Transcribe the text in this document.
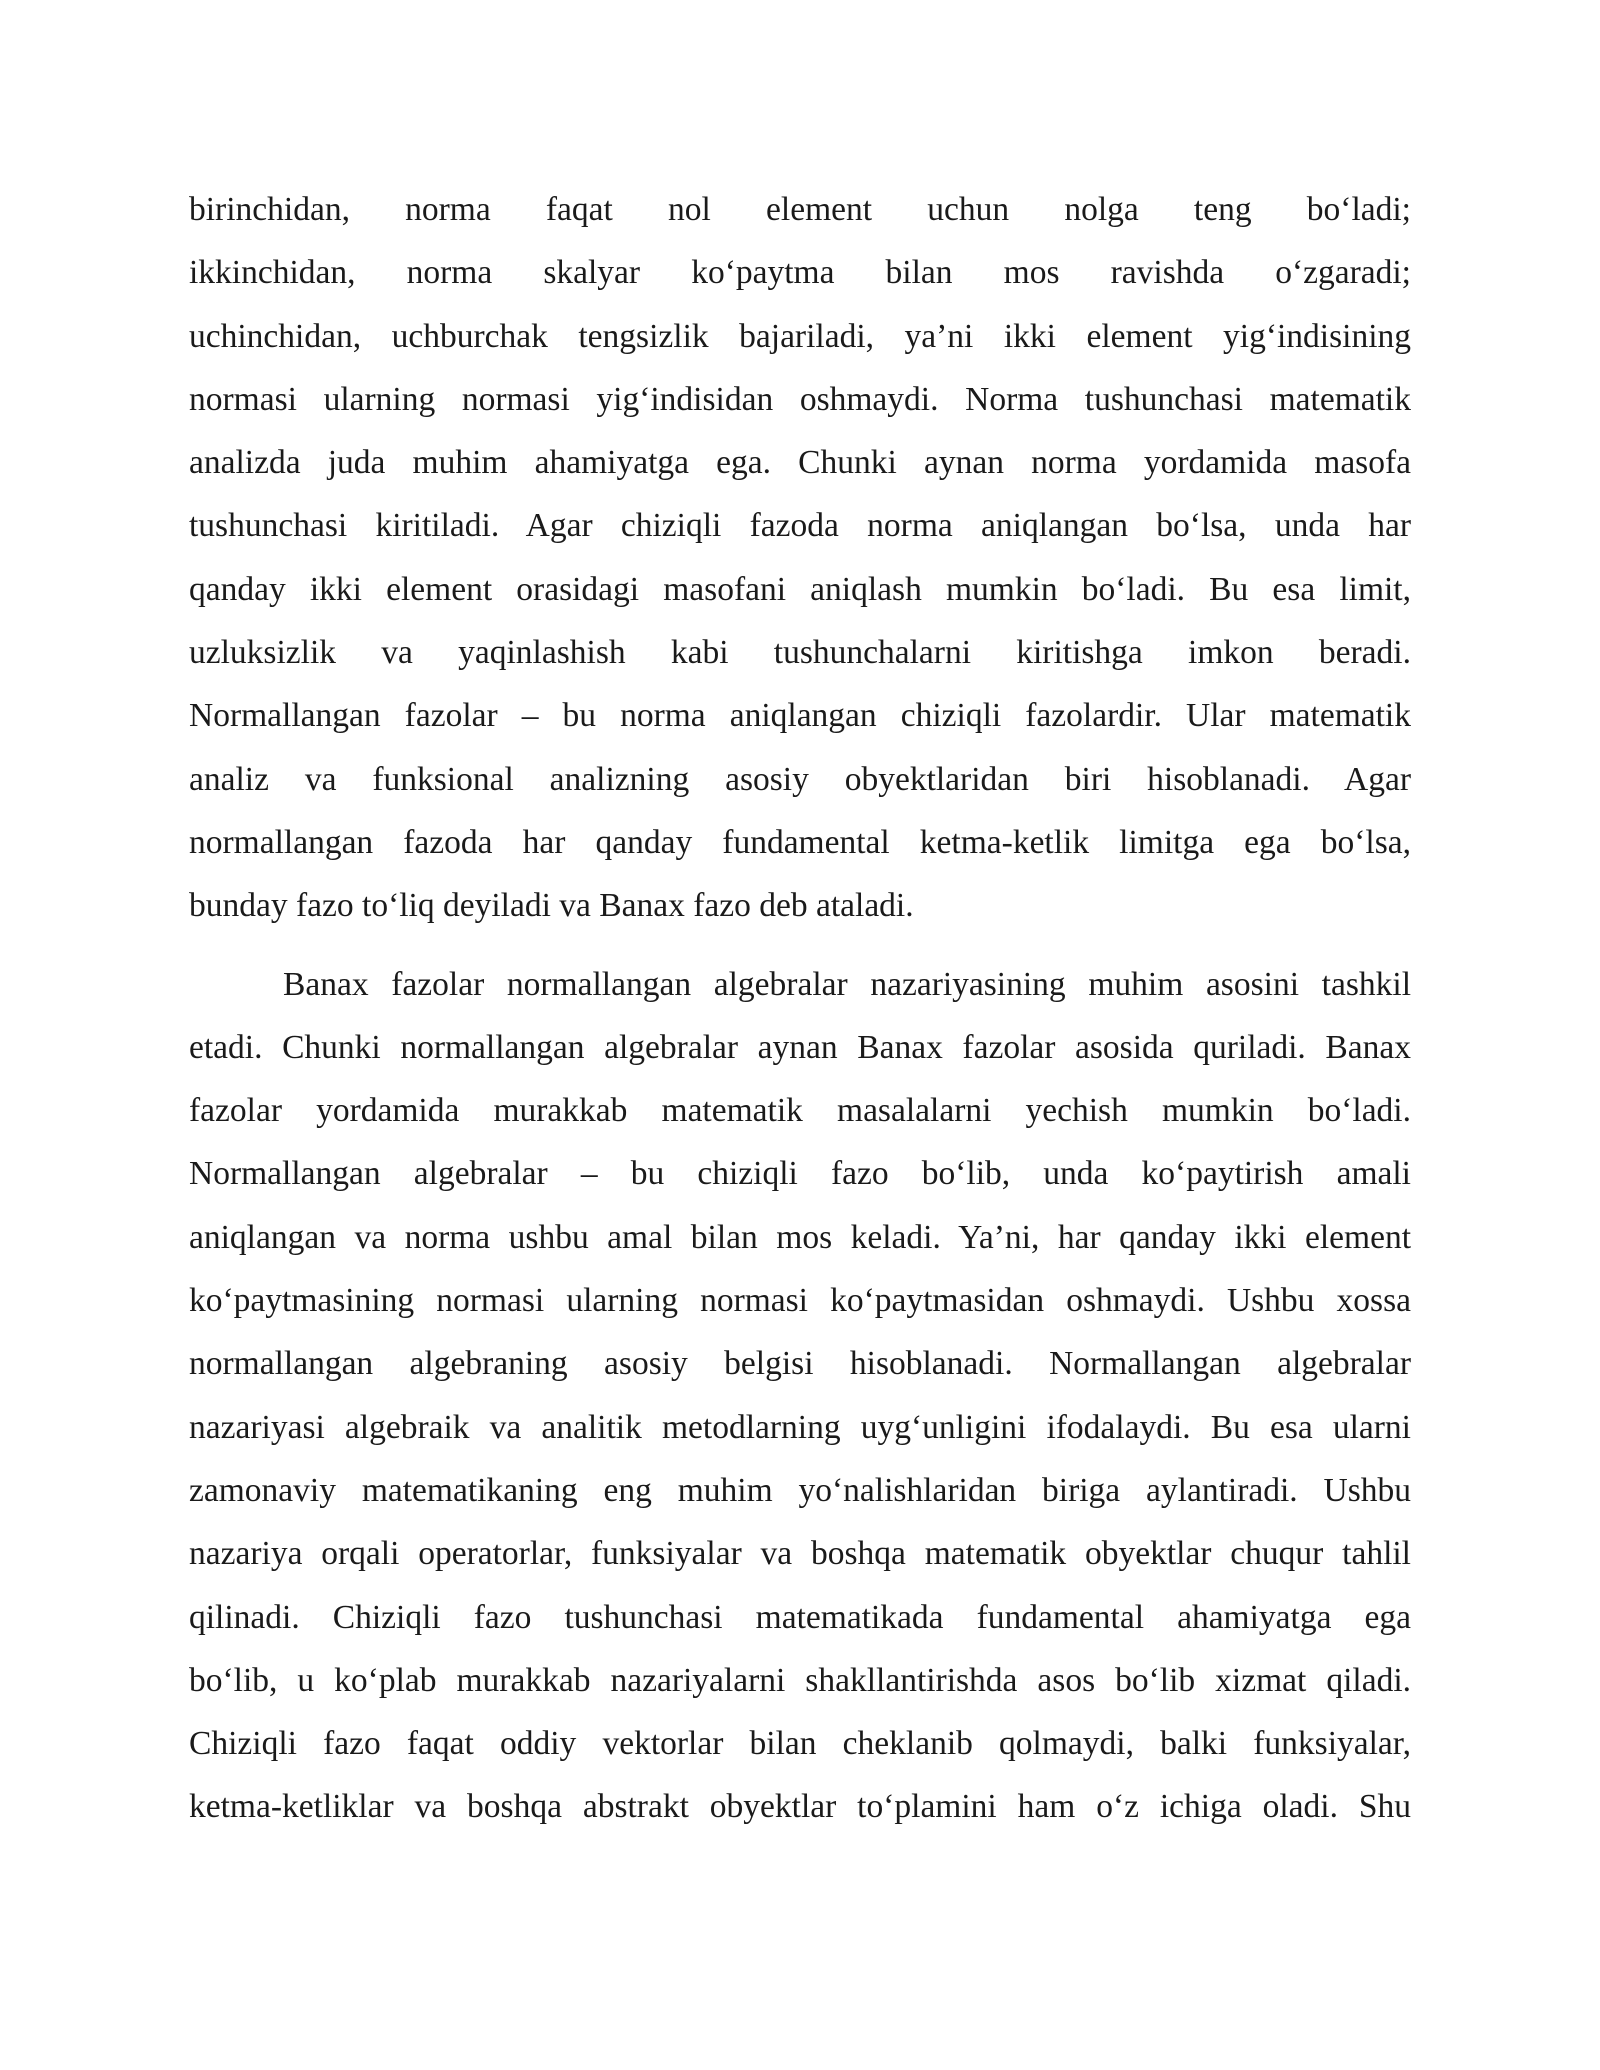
birinchidan, norma faqat nol element uchun nolga teng bo‘ladi;
ikkinchidan, norma skalyar ko‘paytma bilan mos ravishda o‘zgaradi;
uchinchidan, uchburchak tengsizlik bajariladi, ya’ni ikki element yig‘indisining
normasi ularning normasi yig‘indisidan oshmaydi. Norma tushunchasi matematik
analizda juda muhim ahamiyatga ega. Chunki aynan norma yordamida masofa
tushunchasi kiritiladi. Agar chiziqli fazoda norma aniqlangan bo‘lsa, unda har
qanday ikki element orasidagi masofani aniqlash mumkin bo‘ladi. Bu esa limit,
uzluksizlik va yaqinlashish kabi tushunchalarni kiritishga imkon beradi.
Normallangan fazolar – bu norma aniqlangan chiziqli fazolardir. Ular matematik
analiz va funksional analizning asosiy obyektlaridan biri hisoblanadi. Agar
normallangan fazoda har qanday fundamental ketma-ketlik limitga ega bo‘lsa,
bunday fazo to‘liq deyiladi va Banax fazo deb ataladi.
Banax fazolar normallangan algebralar nazariyasining muhim asosini tashkil
etadi. Chunki normallangan algebralar aynan Banax fazolar asosida quriladi. Banax
fazolar yordamida murakkab matematik masalalarni yechish mumkin bo‘ladi.
Normallangan algebralar – bu chiziqli fazo bo‘lib, unda ko‘paytirish amali
aniqlangan va norma ushbu amal bilan mos keladi. Ya’ni, har qanday ikki element
ko‘paytmasining normasi ularning normasi ko‘paytmasidan oshmaydi. Ushbu xossa
normallangan algebraning asosiy belgisi hisoblanadi. Normallangan algebralar
nazariyasi algebraik va analitik metodlarning uyg‘unligini ifodalaydi. Bu esa ularni
zamonaviy matematikaning eng muhim yo‘nalishlaridan biriga aylantiradi. Ushbu
nazariya orqali operatorlar, funksiyalar va boshqa matematik obyektlar chuqur tahlil
qilinadi. Chiziqli fazo tushunchasi matematikada fundamental ahamiyatga ega
bo‘lib, u ko‘plab murakkab nazariyalarni shakllantirishda asos bo‘lib xizmat qiladi.
Chiziqli fazo faqat oddiy vektorlar bilan cheklanib qolmaydi, balki funksiyalar,
ketma-ketliklar va boshqa abstrakt obyektlar to‘plamini ham o‘z ichiga oladi. Shu
